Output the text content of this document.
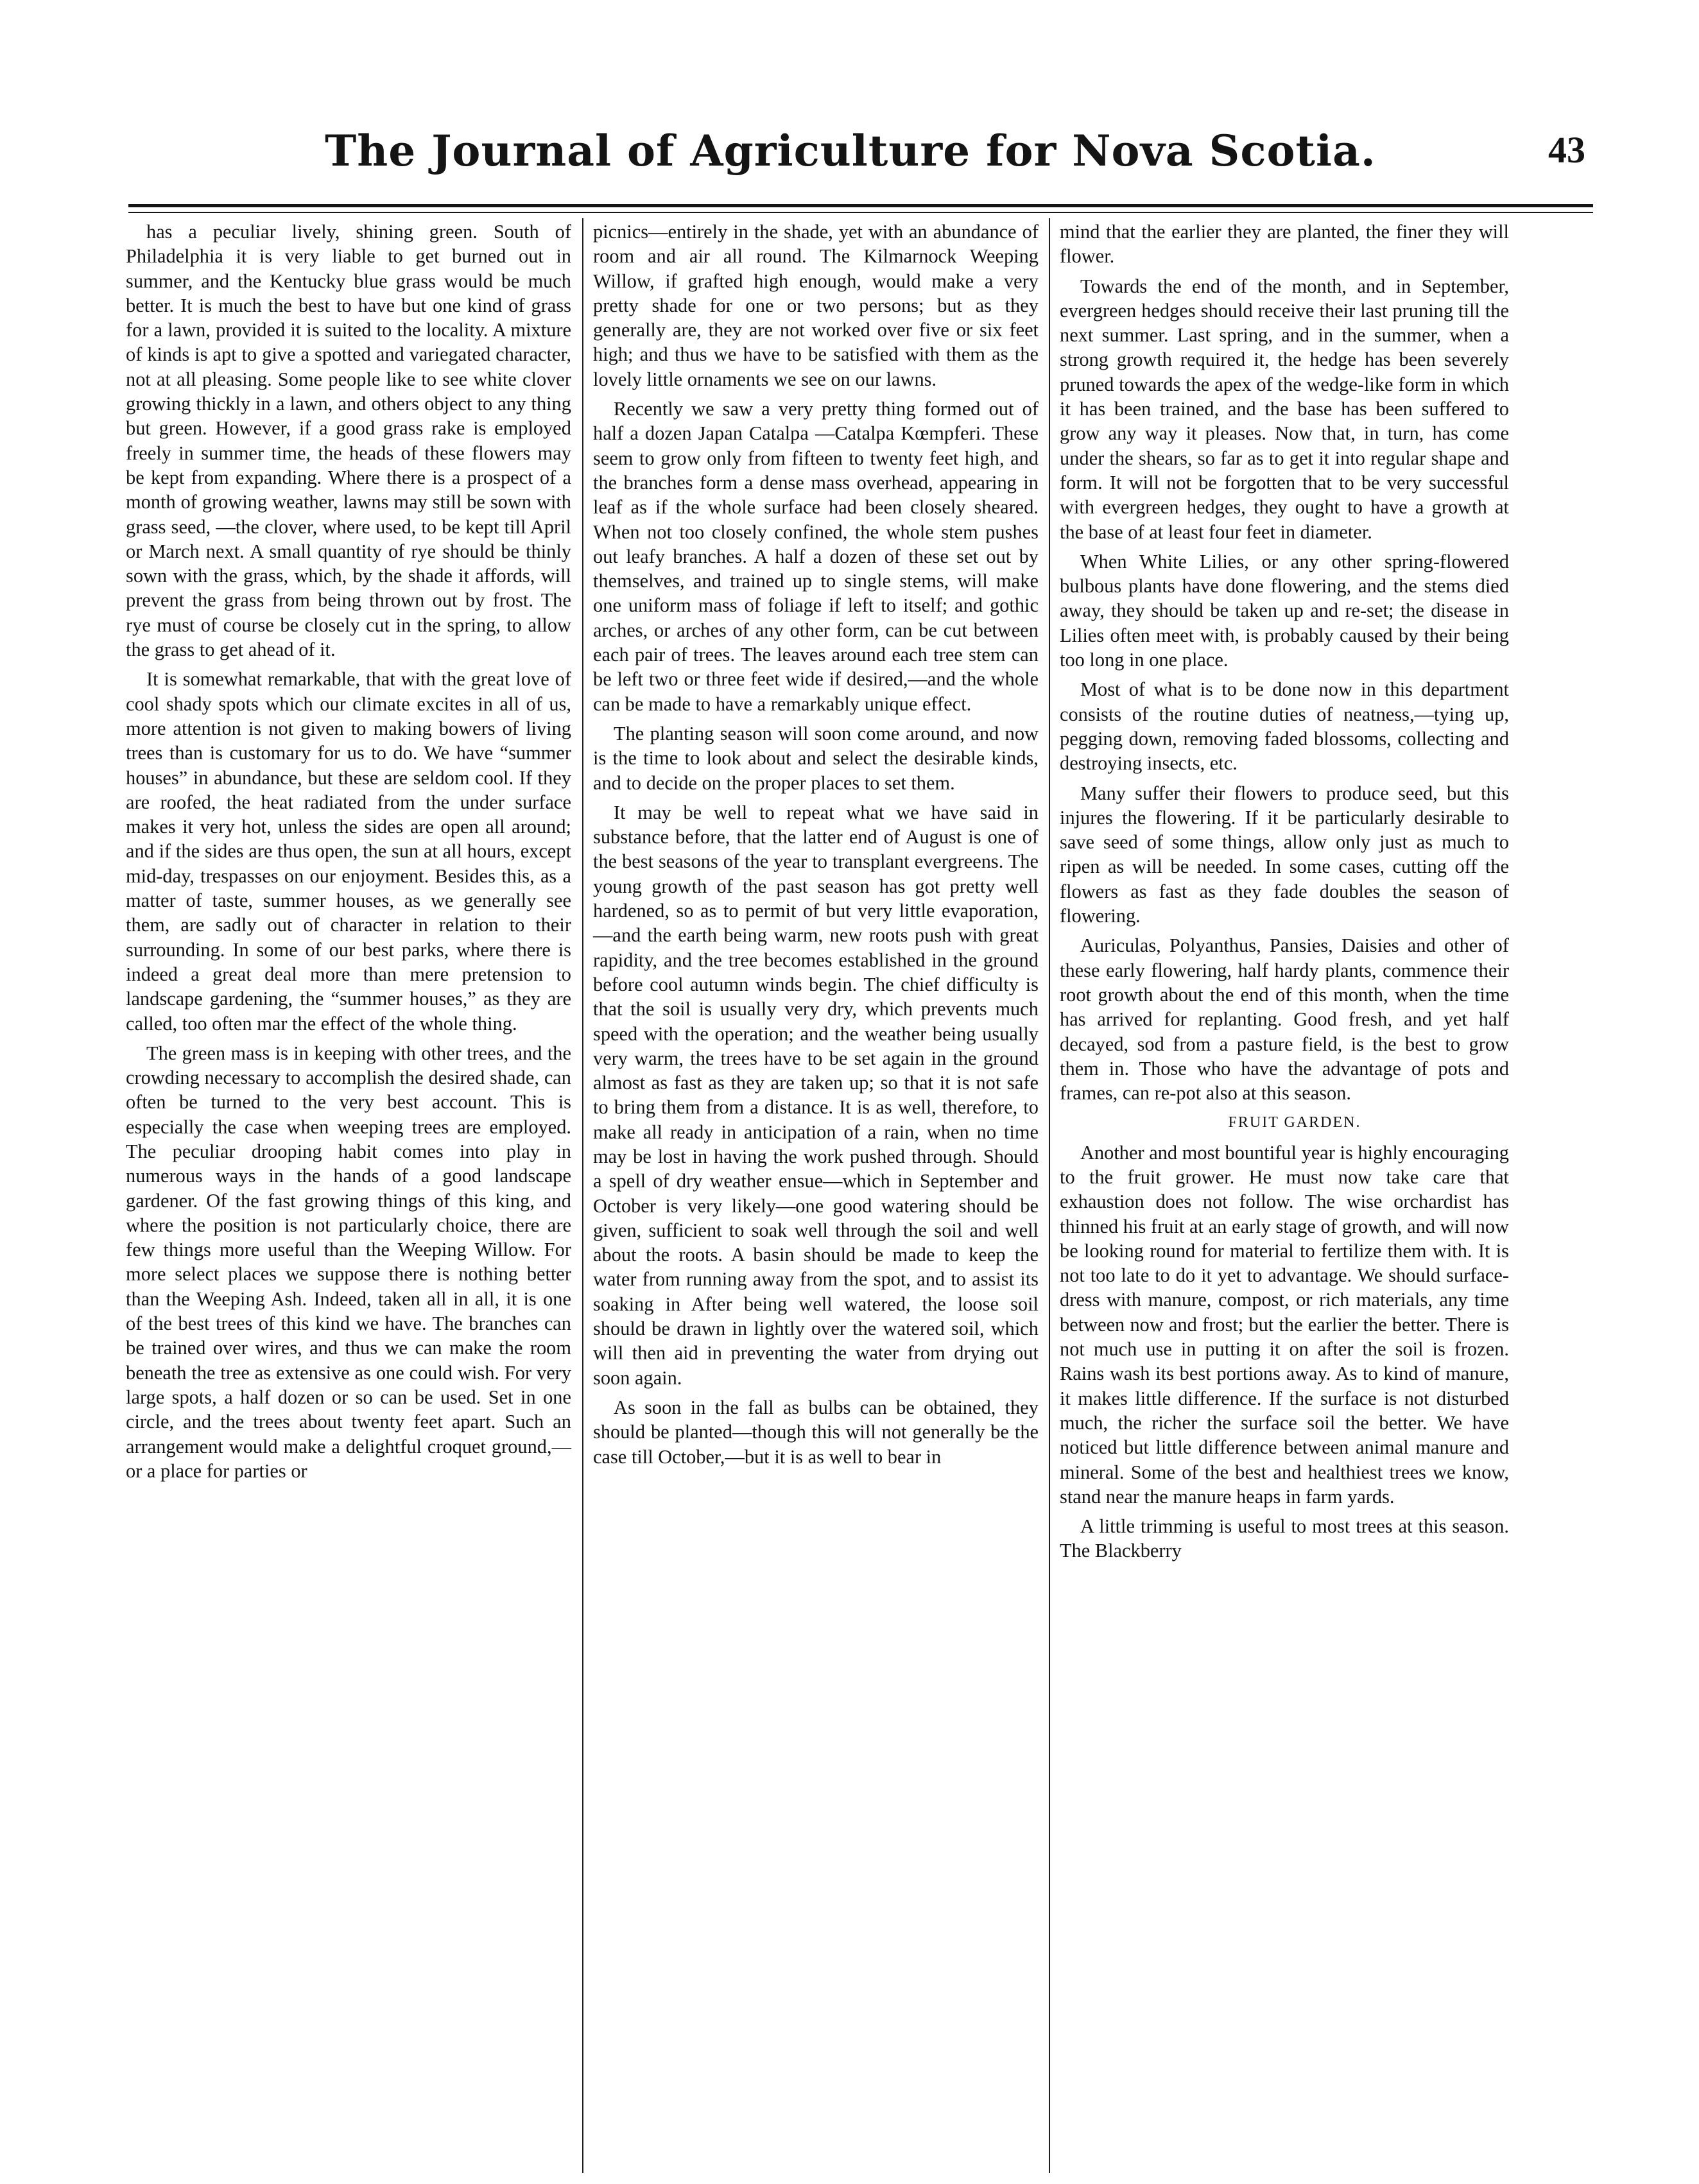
The Journal of Agriculture for Nova Scotia.	43

has a peculiar lively, shining green. South of Philadelphia it is very liable to get burned out in summer, and the Kentucky blue grass would be much better. It is much the best to have but one kind of grass for a lawn, provided it is suited to the locality. A mixture of kinds is apt to give a spotted and variegated character, not at all pleasing. Some people like to see white clover growing thickly in a lawn, and others object to any thing but green. However, if a good grass rake is employed freely in summer time, the heads of these flowers may be kept from expanding. Where there is a prospect of a month of growing weather, lawns may still be sown with grass seed, —the clover, where used, to be kept till April or March next. A small quantity of rye should be thinly sown with the grass, which, by the shade it affords, will prevent the grass from being thrown out by frost. The rye must of course be closely cut in the spring, to allow the grass to get ahead of it.

It is somewhat remarkable, that with the great love of cool shady spots which our climate excites in all of us, more attention is not given to making bowers of living trees than is customary for us to do. We have “summer houses” in abundance, but these are seldom cool. If they are roofed, the heat radiated from the under surface makes it very hot, unless the sides are open all around; and if the sides are thus open, the sun at all hours, except mid-day, trespasses on our enjoyment. Besides this, as a matter of taste, summer houses, as we generally see them, are sadly out of character in relation to their surrounding. In some of our best parks, where there is indeed a great deal more than mere pretension to landscape gardening, the “summer houses,” as they are called, too often mar the effect of the whole thing.

The green mass is in keeping with other trees, and the crowding necessary to accomplish the desired shade, can often be turned to the very best account. This is especially the case when weeping trees are employed. The peculiar drooping habit comes into play in numerous ways in the hands of a good landscape gardener. Of the fast growing things of this king, and where the position is not particularly choice, there are few things more useful than the Weeping Willow. For more select places we suppose there is nothing better than the Weeping Ash. Indeed, taken all in all, it is one of the best trees of this kind we have. The branches can be trained over wires, and thus we can make the room beneath the tree as extensive as one could wish. For very large spots, a half dozen or so can be used. Set in one circle, and the trees about twenty feet apart. Such an arrangement would make a delightful croquet ground,—or a place for parties or

picnics—entirely in the shade, yet with an abundance of room and air all round. The Kilmarnock Weeping Willow, if grafted high enough, would make a very pretty shade for one or two persons; but as they generally are, they are not worked over five or six feet high; and thus we have to be satisfied with them as the lovely little ornaments we see on our lawns.

Recently we saw a very pretty thing formed out of half a dozen Japan Catalpa —Catalpa Kœmpferi. These seem to grow only from fifteen to twenty feet high, and the branches form a dense mass overhead, appearing in leaf as if the whole surface had been closely sheared. When not too closely confined, the whole stem pushes out leafy branches. A half a dozen of these set out by themselves, and trained up to single stems, will make one uniform mass of foliage if left to itself; and gothic arches, or arches of any other form, can be cut between each pair of trees. The leaves around each tree stem can be left two or three feet wide if desired,—and the whole can be made to have a remarkably unique effect.

The planting season will soon come around, and now is the time to look about and select the desirable kinds, and to decide on the proper places to set them.

It may be well to repeat what we have said in substance before, that the latter end of August is one of the best seasons of the year to transplant evergreens. The young growth of the past season has got pretty well hardened, so as to permit of but very little evaporation,—and the earth being warm, new roots push with great rapidity, and the tree becomes established in the ground before cool autumn winds begin. The chief difficulty is that the soil is usually very dry, which prevents much speed with the operation; and the weather being usually very warm, the trees have to be set again in the ground almost as fast as they are taken up; so that it is not safe to bring them from a distance. It is as well, therefore, to make all ready in anticipation of a rain, when no time may be lost in having the work pushed through. Should a spell of dry weather ensue—which in September and October is very likely—one good watering should be given, sufficient to soak well through the soil and well about the roots. A basin should be made to keep the water from running away from the spot, and to assist its soaking in After being well watered, the loose soil should be drawn in lightly over the watered soil, which will then aid in preventing the water from drying out soon again.

As soon in the fall as bulbs can be obtained, they should be planted—though this will not generally be the case till October,—but it is as well to bear in

mind that the earlier they are planted, the finer they will flower.

Towards the end of the month, and in September, evergreen hedges should receive their last pruning till the next summer. Last spring, and in the summer, when a strong growth required it, the hedge has been severely pruned towards the apex of the wedge-like form in which it has been trained, and the base has been suffered to grow any way it pleases. Now that, in turn, has come under the shears, so far as to get it into regular shape and form. It will not be forgotten that to be very successful with evergreen hedges, they ought to have a growth at the base of at least four feet in diameter.

When White Lilies, or any other spring-flowered bulbous plants have done flowering, and the stems died away, they should be taken up and re-set; the disease in Lilies often meet with, is probably caused by their being too long in one place.

Most of what is to be done now in this department consists of the routine duties of neatness,—tying up, pegging down, removing faded blossoms, collecting and destroying insects, etc.

Many suffer their flowers to produce seed, but this injures the flowering. If it be particularly desirable to save seed of some things, allow only just as much to ripen as will be needed. In some cases, cutting off the flowers as fast as they fade doubles the season of flowering.

Auriculas, Polyanthus, Pansies, Daisies and other of these early flowering, half hardy plants, commence their root growth about the end of this month, when the time has arrived for replanting. Good fresh, and yet half decayed, sod from a pasture field, is the best to grow them in. Those who have the advantage of pots and frames, can re-pot also at this season.

FRUIT GARDEN.

Another and most bountiful year is highly encouraging to the fruit grower. He must now take care that exhaustion does not follow. The wise orchardist has thinned his fruit at an early stage of growth, and will now be looking round for material to fertilize them with. It is not too late to do it yet to advantage. We should surface-dress with manure, compost, or rich materials, any time between now and frost; but the earlier the better. There is not much use in putting it on after the soil is frozen. Rains wash its best portions away. As to kind of manure, it makes little difference. If the surface is not disturbed much, the richer the surface soil the better. We have noticed but little difference between animal manure and mineral. Some of the best and healthiest trees we know, stand near the manure heaps in farm yards.

A little trimming is useful to most trees at this season. The Blackberry
